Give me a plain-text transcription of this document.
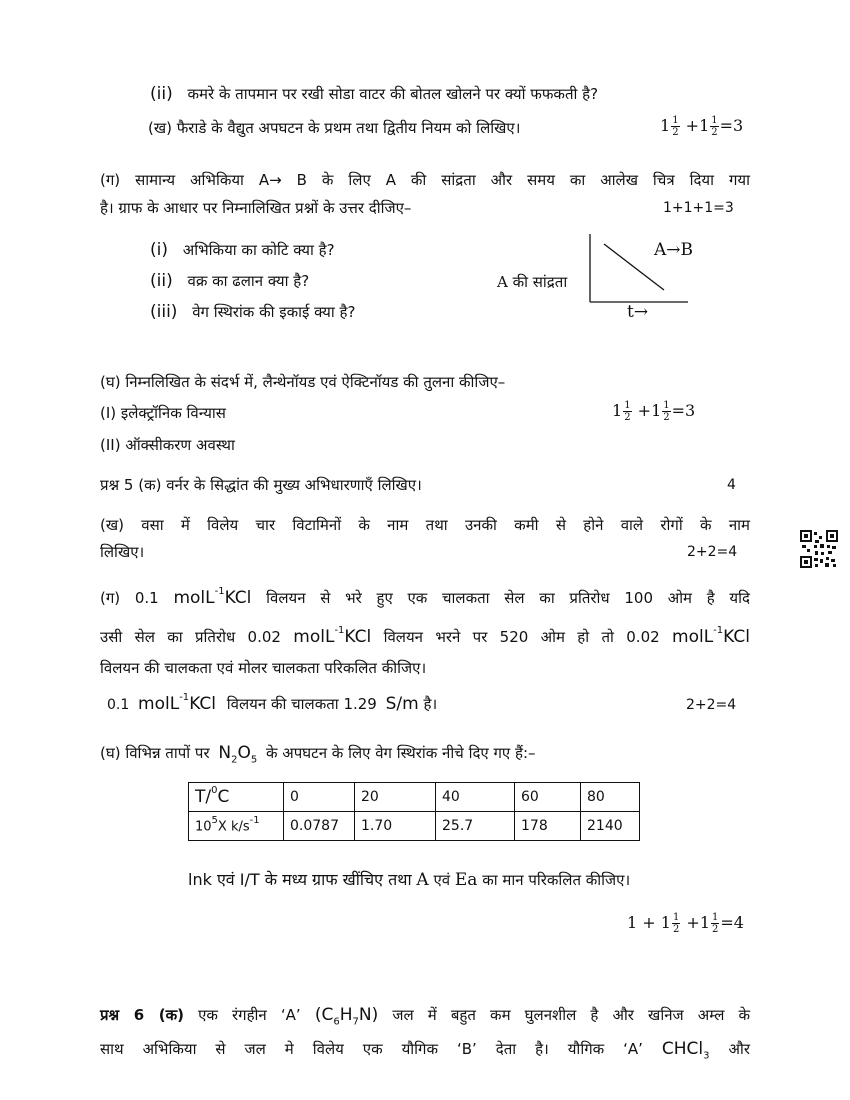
(ii) कमरे के तापमान पर रखी सोडा वाटर की बोतल खोलने पर क्यों फफकती है?
(ख) फैराडे के वैद्युत अपघटन के प्रथम तथा द्वितीय नियम को लिखिए।	$1 \frac{1}{2} +1 \frac{1}{2} =3$
(ग) सामान्य अभिकिया A→ B के लिए A की सांद्रता और समय का आलेख चित्र दिया गया
है। ग्राफ के आधार पर निम्नालिखित प्रश्नों के उत्तर दीजिए–	1+1+1=3
(i) अभिकिया का कोटि क्या है?
(ii) वक्र का ढलान क्या है?
(iii) वेग स्थिरांक की इकाई क्या है?
A→B
A की सांद्रता
t→
(घ) निम्नलिखित के संदर्भ में, लैन्थेनॉयड एवं ऐक्टिनॉयड की तुलना कीजिए–
(I) इलेक्ट्रॉनिक विन्यास
(II) ऑक्सीकरण अवस्था
$1 \frac{1}{2} +1 \frac{1}{2} =3$
प्रश्न 5 (क) वर्नर के सिद्धांत की मुख्य अभिधारणाएँ लिखिए।	4
(ख) वसा में विलेय चार विटामिनों के नाम तथा उनकी कमी से होने वाले रोगों के नाम
लिखिए।	2+2=4
(ग) 0.1 molL$^{-1}$KCl विलयन से भरे हुए एक चालकता सेल का प्रतिरोध 100 ओम है यदि
उसी सेल का प्रतिरोध 0.02 molL$^{-1}$KCl विलयन भरने पर 520 ओम हो तो 0.02 molL$^{-1}$KCl
विलयन की चालकता एवं मोलर चालकता परिकलित कीजिए।
0.1 molL$^{-1}$KCl विलयन की चालकता 1.29 S/m है।	2+2=4
(घ) विभिन्न तापों पर $N_2O_5$ के अपघटन के लिए वेग स्थिरांक नीचे दिए गए हैं:–
T/$^0$C	0	20	40	60	80
$10^5X$ $k/s^{-1}$	0.0787	1.70	25.7	178	2140
lnk एवं I/T के मध्य ग्राफ खींचिए तथा A एवं Ea का मान परिकलित कीजिए।
$1 + 1 \frac{1}{2} +1 \frac{1}{2} =4$
प्रश्न 6 (क) एक रंगहीन ‘A’ $(C_6H_7N)$ जल में बहुत कम घुलनशील है और खनिज अम्ल के
साथ अभिकिया से जल मे विलेय एक यौगिक ‘B’ देता है। यौगिक ‘A’ CHCl$_3$ और
